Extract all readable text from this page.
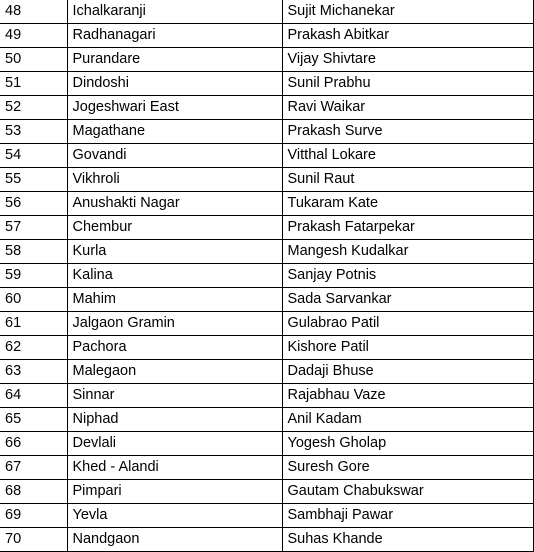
48	Ichalkaranji	Sujit Michanekar
49	Radhanagari	Prakash Abitkar
50	Purandare	Vijay Shivtare
51	Dindoshi	Sunil Prabhu
52	Jogeshwari East	Ravi Waikar
53	Magathane	Prakash Surve
54	Govandi	Vitthal Lokare
55	Vikhroli	Sunil Raut
56	Anushakti Nagar	Tukaram Kate
57	Chembur	Prakash Fatarpekar
58	Kurla	Mangesh Kudalkar
59	Kalina	Sanjay Potnis
60	Mahim	Sada Sarvankar
61	Jalgaon Gramin	Gulabrao Patil
62	Pachora	Kishore Patil
63	Malegaon	Dadaji Bhuse
64	Sinnar	Rajabhau Vaze
65	Niphad	Anil Kadam
66	Devlali	Yogesh Gholap
67	Khed - Alandi	Suresh Gore
68	Pimpari	Gautam Chabukswar
69	Yevla	Sambhaji Pawar
70	Nandgaon	Suhas Khande
